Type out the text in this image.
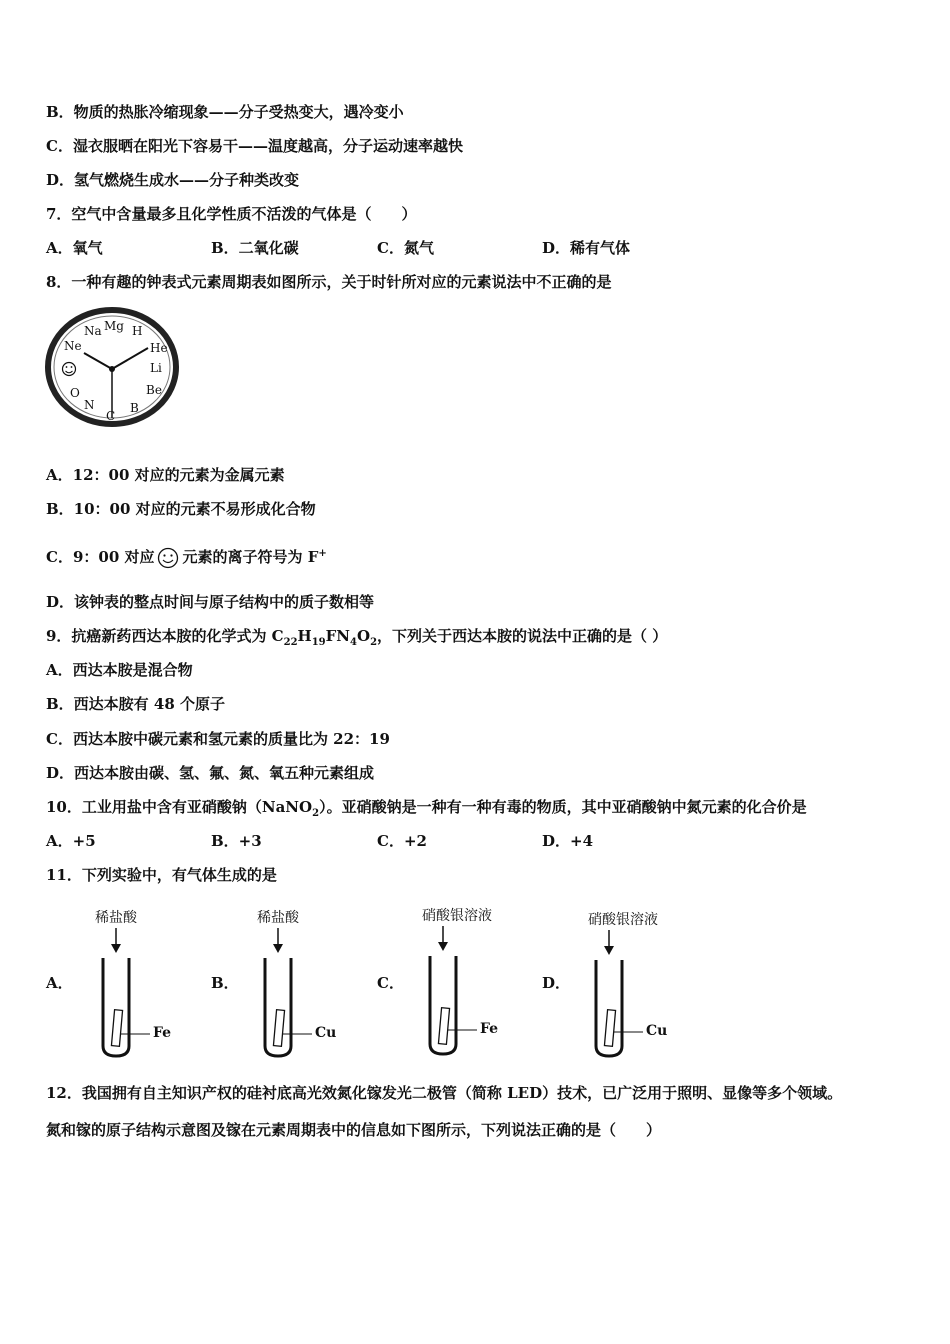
B．物质的热胀冷缩现象——分子受热变大，遇冷变小
C．湿衣服晒在阳光下容易干——温度越高，分子运动速率越快
D．氢气燃烧生成水——分子种类改变
7．空气中含量最多且化学性质不活泼的气体是（　　）
A．氧气	B．二氧化碳	C．氮气	D．稀有气体
8．一种有趣的钟表式元素周期表如图所示，关于时针所对应的元素说法中不正确的是
H
He
Li
Be
B
C
N
O
Ne
Na Mg
A．12：00 对应的元素为金属元素
B．10：00 对应的元素不易形成化合物
C．9：00 对应 元素的离子符号为 F+
D．该钟表的整点时间与原子结构中的质子数相等
9．抗癌新药西达本胺的化学式为 $C_{22}H_{19}FN_4O_2$，下列关于西达本胺的说法中正确的是（ ）
A．西达本胺是混合物
B．西达本胺有 48 个原子
C．西达本胺中碳元素和氢元素的质量比为 22：19
D．西达本胺由碳、氢、氟、氮、氧五种元素组成
10．工业用盐中含有亚硝酸钠（NaNO$_2$）。亚硝酸钠是一种有一种有毒的物质，其中亚硝酸钠中氮元素的化合价是
A．+5	B．+3	C．+2	D．+4
11．下列实验中，有气体生成的是
A．	B．	C．	D．
稀盐酸
Fe
稀盐酸
Cu
硝酸银溶液
Fe
硝酸银溶液
Cu
12．我国拥有自主知识产权的硅衬底高光效氮化镓发光二极管（简称 LED）技术，已广泛用于照明、显像等多个领域。
氮和镓的原子结构示意图及镓在元素周期表中的信息如下图所示，下列说法正确的是（　　）
